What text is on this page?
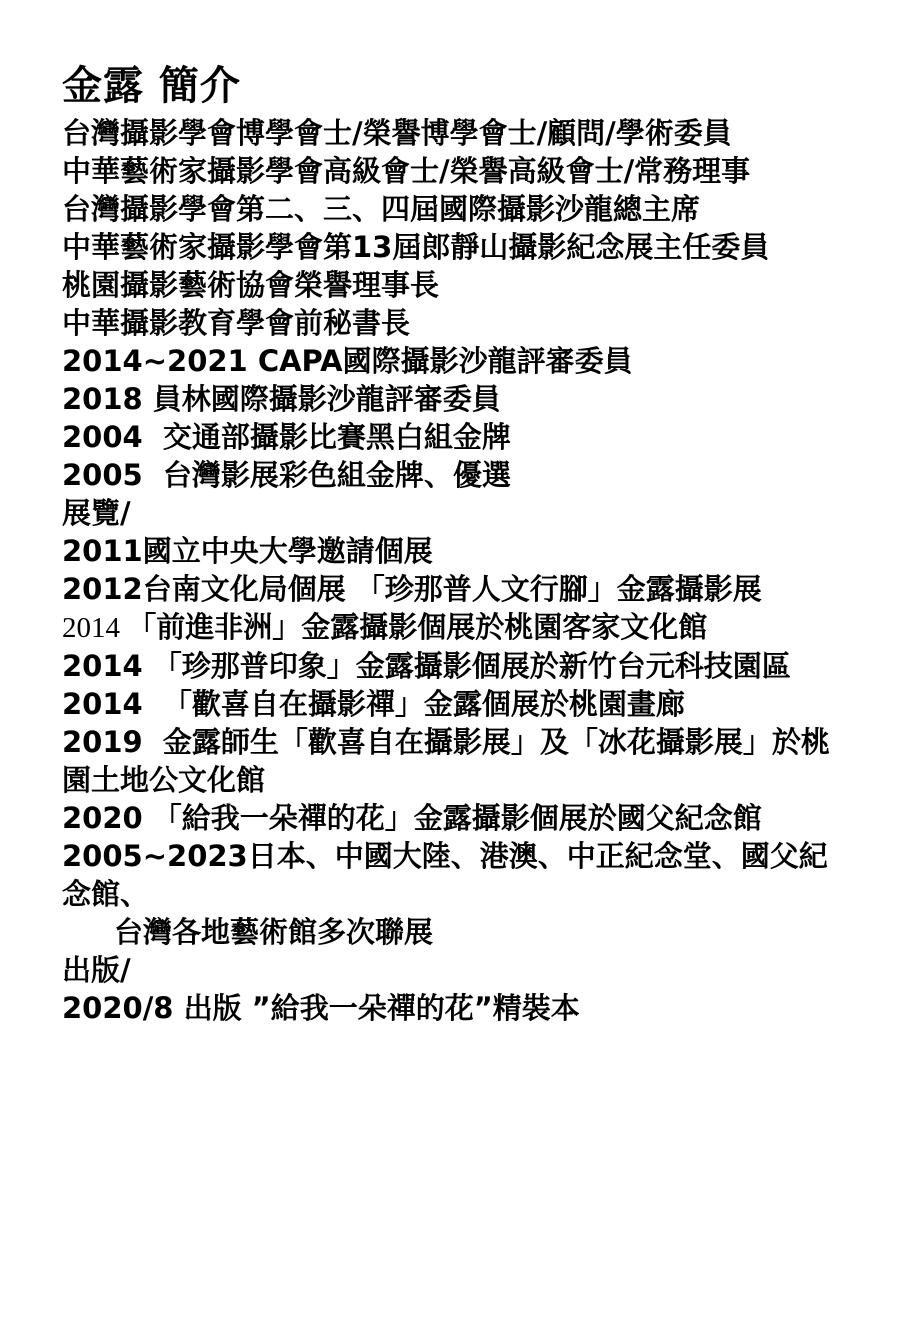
金露 簡介

台灣攝影學會博學會士/榮譽博學會士/顧問/學術委員

中華藝術家攝影學會高級會士/榮譽高級會士/常務理事

台灣攝影學會第二、三、四屆國際攝影沙龍總主席

中華藝術家攝影學會第13屆郎靜山攝影紀念展主任委員

桃園攝影藝術協會榮譽理事長

中華攝影教育學會前秘書長

2014~2021 CAPA國際攝影沙龍評審委員

2018 員林國際攝影沙龍評審委員

2004  交通部攝影比賽黑白組金牌

2005  台灣影展彩色組金牌、優選

展覽/

2011國立中央大學邀請個展

2012台南文化局個展 「珍那普人文行腳」金露攝影展

2014 「前進非洲」金露攝影個展於桃園客家文化館

2014 「珍那普印象」金露攝影個展於新竹台元科技園區

2014  「歡喜自在攝影禪」金露個展於桃園畫廊

2019  金露師生「歡喜自在攝影展」及「冰花攝影展」於桃園土地公文化館

2020 「給我一朵禪的花」金露攝影個展於國父紀念館

2005~2023日本、中國大陸、港澳、中正紀念堂、國父紀念館、

台灣各地藝術館多次聯展

出版/

2020/8 出版 ”給我一朵禪的花”精裝本
